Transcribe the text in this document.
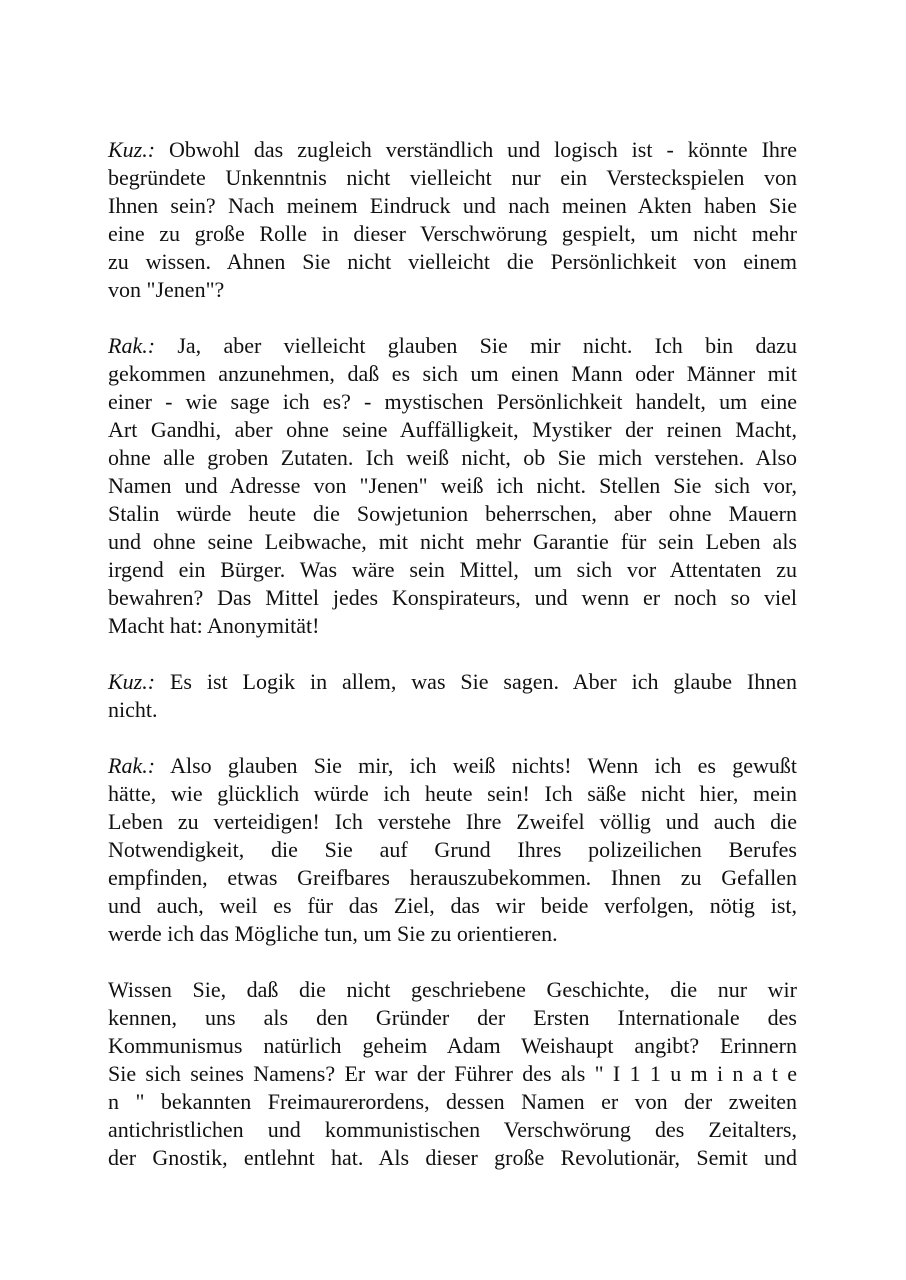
Kuz.: Obwohl das zugleich verständlich und logisch ist - könnte Ihre
begründete Unkenntnis nicht vielleicht nur ein Versteckspielen von
Ihnen sein? Nach meinem Eindruck und nach meinen Akten haben Sie
eine zu große Rolle in dieser Verschwörung gespielt, um nicht mehr
zu wissen. Ahnen Sie nicht vielleicht die Persönlichkeit von einem
von "Jenen"?
Rak.: Ja, aber vielleicht glauben Sie mir nicht. Ich bin dazu
gekommen anzunehmen, daß es sich um einen Mann oder Männer mit
einer - wie sage ich es? - mystischen Persönlichkeit handelt, um eine
Art Gandhi, aber ohne seine Auffälligkeit, Mystiker der reinen Macht,
ohne alle groben Zutaten. Ich weiß nicht, ob Sie mich verstehen. Also
Namen und Adresse von "Jenen" weiß ich nicht. Stellen Sie sich vor,
Stalin würde heute die Sowjetunion beherrschen, aber ohne Mauern
und ohne seine Leibwache, mit nicht mehr Garantie für sein Leben als
irgend ein Bürger. Was wäre sein Mittel, um sich vor Attentaten zu
bewahren? Das Mittel jedes Konspirateurs, und wenn er noch so viel
Macht hat: Anonymität!
Kuz.: Es ist Logik in allem, was Sie sagen. Aber ich glaube Ihnen
nicht.
Rak.: Also glauben Sie mir, ich weiß nichts! Wenn ich es gewußt
hätte, wie glücklich würde ich heute sein! Ich säße nicht hier, mein
Leben zu verteidigen! Ich verstehe Ihre Zweifel völlig und auch die
Notwendigkeit, die Sie auf Grund Ihres polizeilichen Berufes
empfinden, etwas Greifbares herauszubekommen. Ihnen zu Gefallen
und auch, weil es für das Ziel, das wir beide verfolgen, nötig ist,
werde ich das Mögliche tun, um Sie zu orientieren.
Wissen Sie, daß die nicht geschriebene Geschichte, die nur wir
kennen, uns als den Gründer der Ersten Internationale des
Kommunismus natürlich geheim Adam Weishaupt angibt? Erinnern
Sie sich seines Namens? Er war der Führer des als " I 1 1 u m i n a t e
n " bekannten Freimaurerordens, dessen Namen er von der zweiten
antichristlichen und kommunistischen Verschwörung des Zeitalters,
der Gnostik, entlehnt hat. Als dieser große Revolutionär, Semit und
